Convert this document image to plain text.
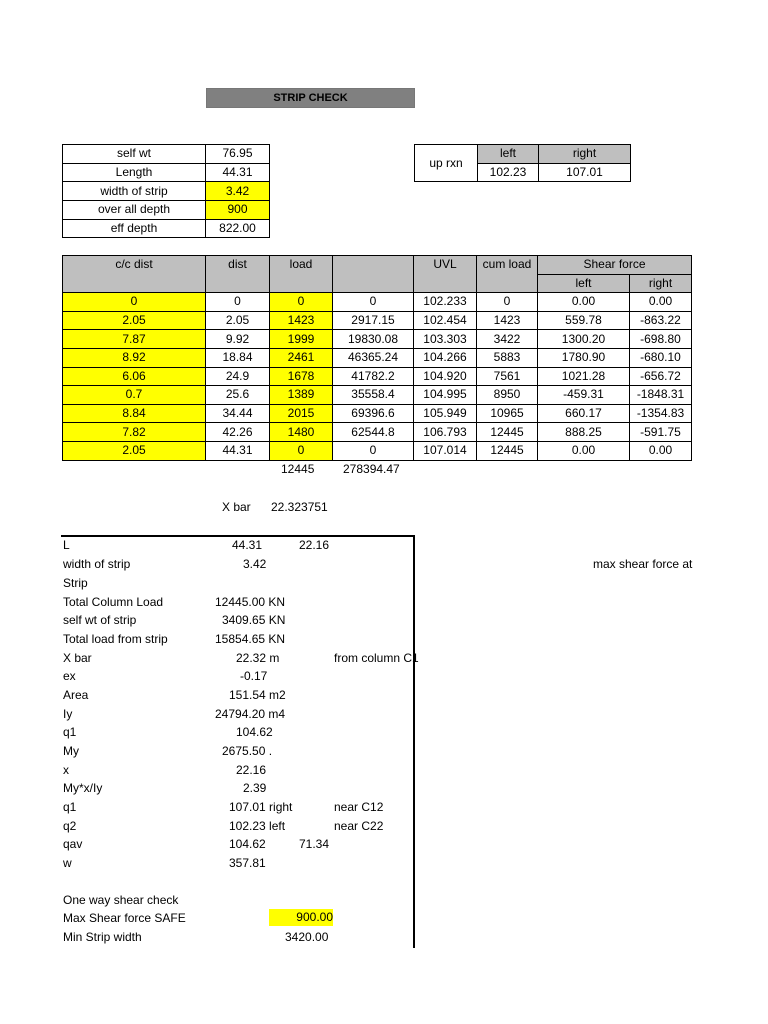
STRIP CHECK
self wt	76.95
Length	44.31
width of strip	3.42
over all depth	900
eff depth	822.00
up rxn	left	right
	102.23	107.01
c/c dist	dist	load		UVL	cum load	Shear force	
						left	right
0	0	0	0	102.233	0	0.00	0.00
2.05	2.05	1423	2917.15	102.454	1423	559.78	-863.22
7.87	9.92	1999	19830.08	103.303	3422	1300.20	-698.80
8.92	18.84	2461	46365.24	104.266	5883	1780.90	-680.10
6.06	24.9	1678	41782.2	104.920	7561	1021.28	-656.72
0.7	25.6	1389	35558.4	104.995	8950	-459.31	-1848.31
8.84	34.44	2015	69396.6	105.949	10965	660.17	-1354.83
7.82	42.26	1480	62544.8	106.793	12445	888.25	-591.75
2.05	44.31	0	0	107.014	12445	0.00	0.00
12445 278394.47
X bar 22.323751
L	44.31	22.16
width of strip	3.42
Strip
Total Column Load	12445.00 KN
self wt of strip	3409.65 KN
Total load from strip	15854.65 KN
X bar	22.32 m	from column C1
ex	-0.17
Area	151.54 m2
Iy	24794.20 m4
q1	104.62
My	2675.50 .
x	22.16
My*x/Iy	2.39
q1	107.01 right	near C12
q2	102.23 left	near C22
qav	104.62	71.34
w	357.81
One way shear check
Max Shear force SAFE	900.00
Min Strip width	3420.00
max shear force at
